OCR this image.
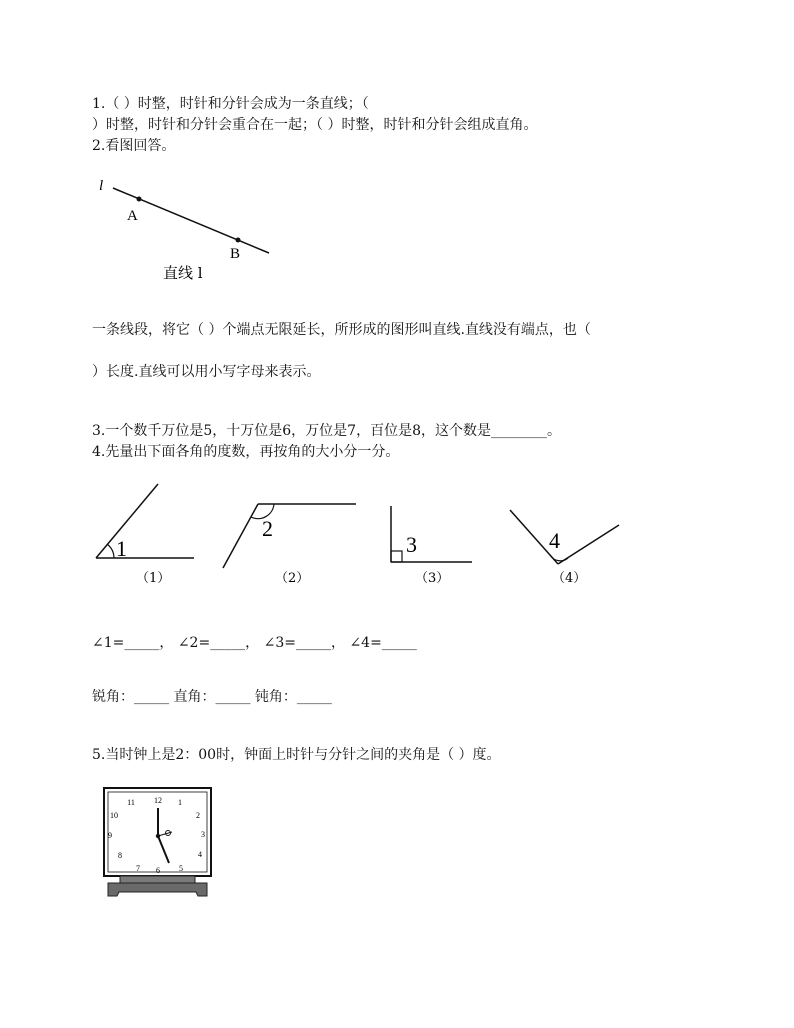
1.（ ）时整，时针和分针会成为一条直线；（
）时整，时针和分针会重合在一起；（ ）时整，时针和分针会组成直角。
2.看图回答。
l
A
B
直线 l
一条线段，将它（ ）个端点无限延长，所形成的图形叫直线.直线没有端点，也（
）长度.直线可以用小写字母来表示。
3.一个数千万位是5，十万位是6，万位是7，百位是8，这个数是________。
4.先量出下面各角的度数，再按角的大小分一分。
1
（1）
2
（2）
3
（3）
4
（4）
∠1=_____， ∠2=_____， ∠3=_____， ∠4=_____
锐角：_____ 直角：_____ 钝角：_____
5.当时钟上是2：00时，钟面上时针与分针之间的夹角是（ ）度。
12 1
2
3
4
5
6
7
8
9
10
11
